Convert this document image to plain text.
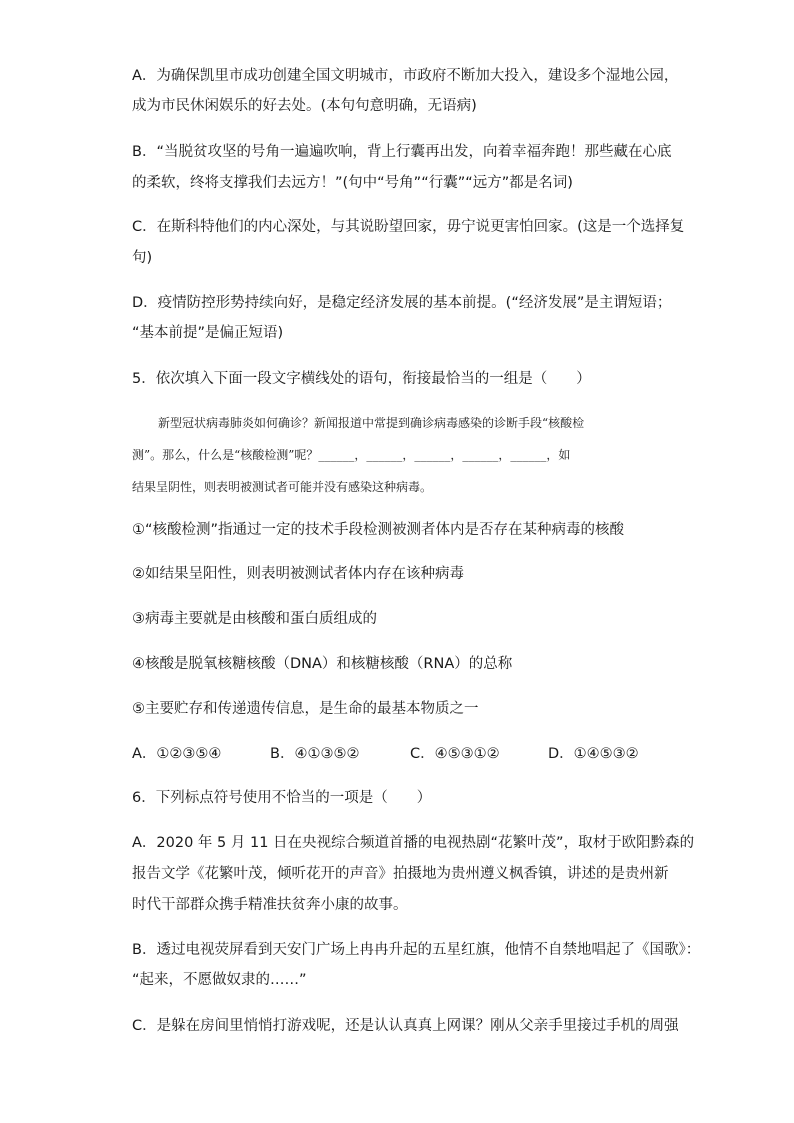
A．为确保凯里市成功创建全国文明城市，市政府不断加大投入，建设多个湿地公园，
成为市民休闲娱乐的好去处。(本句句意明确，无语病)
B．“当脱贫攻坚的号角一遍遍吹响，背上行囊再出发，向着幸福奔跑！那些藏在心底
的柔软，终将支撑我们去远方！”(句中“号角”“行囊”“远方”都是名词)
C．在斯科特他们的内心深处，与其说盼望回家，毋宁说更害怕回家。(这是一个选择复
句)
D．疫情防控形势持续向好，是稳定经济发展的基本前提。(“经济发展”是主谓短语；
“基本前提”是偏正短语)
5．依次填入下面一段文字横线处的语句，衔接最恰当的一组是（　　）
新型冠状病毒肺炎如何确诊？新闻报道中常提到确诊病毒感染的诊断手段“核酸检
测”。那么，什么是“核酸检测”呢？______，______，______，______，______，如
结果呈阴性，则表明被测试者可能并没有感染这种病毒。
①“核酸检测”指通过一定的技术手段检测被测者体内是否存在某种病毒的核酸
②如结果呈阳性，则表明被测试者体内存在该种病毒
③病毒主要就是由核酸和蛋白质组成的
④核酸是脱氧核糖核酸（DNA）和核糖核酸（RNA）的总称
⑤主要贮存和传递遗传信息，是生命的最基本物质之一
A．①②③⑤④	B．④①③⑤②	C．④⑤③①②	D．①④⑤③②
6．下列标点符号使用不恰当的一项是（　　）
A．2020 年 5 月 11 日在央视综合频道首播的电视热剧“花繁叶茂”，取材于欧阳黔森的
报告文学《花繁叶茂，倾听花开的声音》拍摄地为贵州遵义枫香镇，讲述的是贵州新
时代干部群众携手精准扶贫奔小康的故事。
B．透过电视荧屏看到天安门广场上冉冉升起的五星红旗，他情不自禁地唱起了《国歌》：
“起来，不愿做奴隶的……”
C．是躲在房间里悄悄打游戏呢，还是认认真真上网课？刚从父亲手里接过手机的周强
